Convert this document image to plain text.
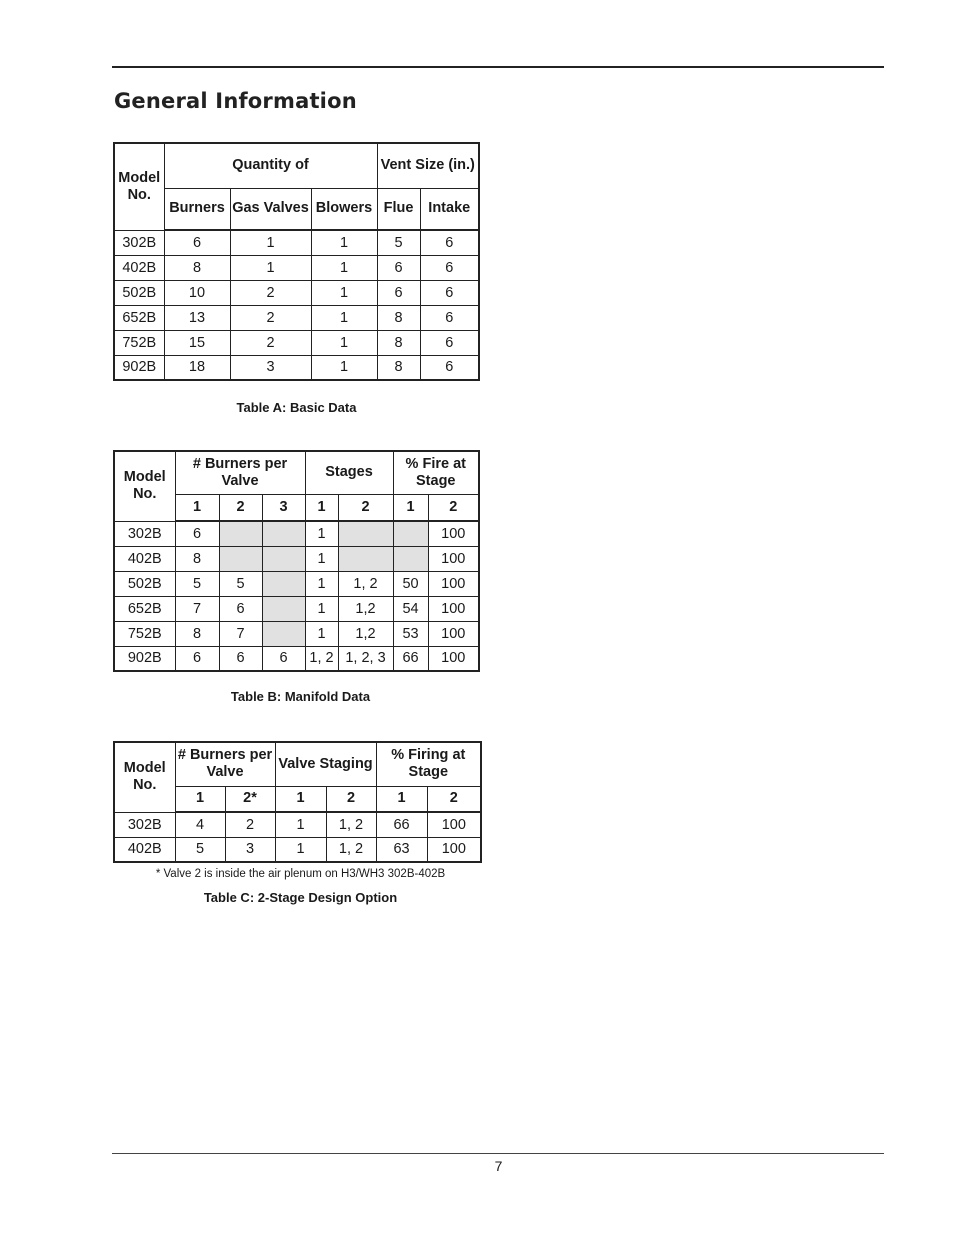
General Information
Model No.	Quantity of			Vent Size (in.)	
	Burners	Gas Valves	Blowers	Flue	Intake
302B	6	1	1	5	6
402B	8	1	1	6	6
502B	10	2	1	6	6
652B	13	2	1	8	6
752B	15	2	1	8	6
902B	18	3	1	8	6
Table A: Basic Data
Model No.	# Burners per Valve			Stages		% Fire at Stage	
	1	2	3	1	2	1	2
302B	6			1			100
402B	8			1			100
502B	5	5		1	1, 2	50	100
652B	7	6		1	1,2	54	100
752B	8	7		1	1,2	53	100
902B	6	6	6	1, 2	1, 2, 3	66	100
Table B: Manifold Data
Model No.	# Burners per Valve		Valve Staging		% Firing at Stage	
	1	2*	1	2	1	2
302B	4	2	1	1, 2	66	100
402B	5	3	1	1, 2	63	100
* Valve 2 is inside the air plenum on H3/WH3 302B-402B
Table C: 2-Stage Design Option
7
